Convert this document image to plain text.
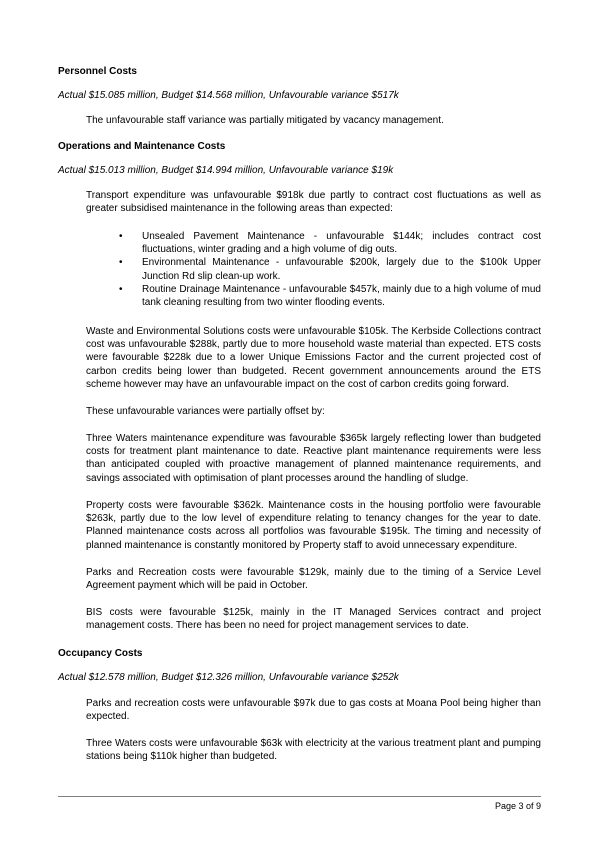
Personnel Costs
Actual $15.085 million, Budget $14.568 million, Unfavourable variance $517k

The unfavourable staff variance was partially mitigated by vacancy management.

Operations and Maintenance Costs
Actual $15.013 million, Budget $14.994 million, Unfavourable variance $19k

Transport expenditure was unfavourable $918k due partly to contract cost fluctuations as well as greater subsidised maintenance in the following areas than expected:

• Unsealed Pavement Maintenance - unfavourable $144k; includes contract cost fluctuations, winter grading and a high volume of dig outs.
• Environmental Maintenance - unfavourable $200k, largely due to the $100k Upper Junction Rd slip clean-up work.
• Routine Drainage Maintenance - unfavourable $457k, mainly due to a high volume of mud tank cleaning resulting from two winter flooding events.

Waste and Environmental Solutions costs were unfavourable $105k. The Kerbside Collections contract cost was unfavourable $288k, partly due to more household waste material than expected. ETS costs were favourable $228k due to a lower Unique Emissions Factor and the current projected cost of carbon credits being lower than budgeted. Recent government announcements around the ETS scheme however may have an unfavourable impact on the cost of carbon credits going forward.

These unfavourable variances were partially offset by:

Three Waters maintenance expenditure was favourable $365k largely reflecting lower than budgeted costs for treatment plant maintenance to date. Reactive plant maintenance requirements were less than anticipated coupled with proactive management of planned maintenance requirements, and savings associated with optimisation of plant processes around the handling of sludge.

Property costs were favourable $362k. Maintenance costs in the housing portfolio were favourable $263k, partly due to the low level of expenditure relating to tenancy changes for the year to date. Planned maintenance costs across all portfolios was favourable $195k. The timing and necessity of planned maintenance is constantly monitored by Property staff to avoid unnecessary expenditure.

Parks and Recreation costs were favourable $129k, mainly due to the timing of a Service Level Agreement payment which will be paid in October.

BIS costs were favourable $125k, mainly in the IT Managed Services contract and project management costs. There has been no need for project management services to date.

Occupancy Costs
Actual $12.578 million, Budget $12.326 million, Unfavourable variance $252k

Parks and recreation costs were unfavourable $97k due to gas costs at Moana Pool being higher than expected.

Three Waters costs were unfavourable $63k with electricity at the various treatment plant and pumping stations being $110k higher than budgeted.

Page 3 of 9
